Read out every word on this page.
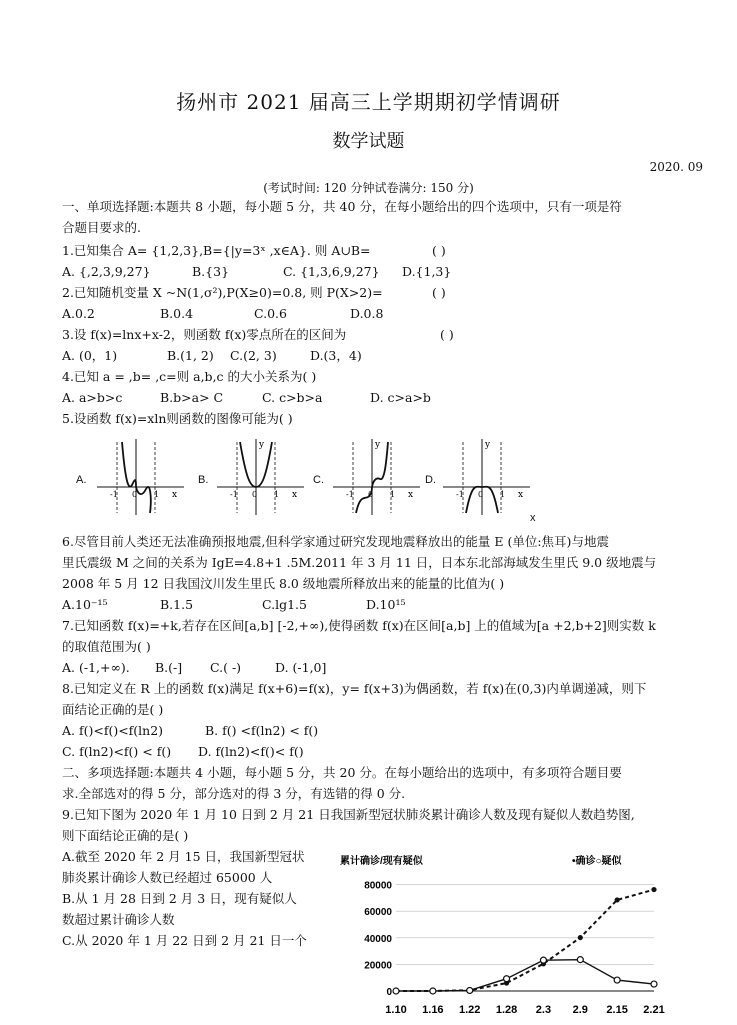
扬州市 2021 届高三上学期期初学情调研
数学试题
2020. 09
(考试时间: 120 分钟试卷满分: 150 分)
一、单项选择题:本题共 8 小题，每小题 5 分，共 40 分，在每小题给出的四个选项中，只有一项是符
合题目要求的.
1.已知集合 A= {1,2,3},B={|y=3ˣ ,x∈A}. 则 A∪B=	( )
A. {,2,3,9,27}	B.{3}	C. {1,3,6,9,27} D.{1,3}
2.已知随机变量 X ~N(1,σ²),P(X≥0)=0.8, 则 P(X>2)=	( )
A.0.2	B.0.4	C.0.6	D.0.8
3.设 f(x)=lnx+x-2，则函数 f(x)零点所在的区间为	( )
A. (0，1)	B.(1, 2) C.(2, 3)	D.(3，4)
4.已知 a = ,b= ,c=则 a,b,c 的大小关系为( )
A. a>b>c	B.b>a> C	C. c>b>a	D. c>a>b
5.设函数 f(x)=xln则函数的图像可能为( )
A.
-1 0 1 x
B.
-1 0 1 x
y
C.
-1 0 1 x
y
D.
-1 0 1 x
y
x
6.尽管目前人类还无法准确预报地震,但科学家通过研究发现地震释放出的能量 E (单位:焦耳)与地震
里氏震级 M 之间的关系为 IgE=4.8+1 .5M.2011 年 3 月 11 日，日本东北部海域发生里氏 9.0 级地震与
2008 年 5 月 12 日我国汶川发生里氏 8.0 级地震所释放出来的能量的比值为( )
A.10⁻¹⁵	B.1.5	C.lg1.5	D.10¹⁵
7.已知函数 f(x)=+k,若存在区间[a,b] [-2,+∞),使得函数 f(x)在区间[a,b] 上的值域为[a +2,b+2]则实数 k
的取值范围为( )
A. (-1,+∞). B.(-] C.( -)	D. (-1,0]
8.已知定义在 R 上的函数 f(x)满足 f(x+6)=f(x)，y= f(x+3)为偶函数，若 f(x)在(0,3)内单调递减，则下
面结论正确的是( )
A. f()<f()<f(ln2)	B. f() <f(ln2) < f()
C. f(ln2)<f() < f() D. f(ln2)<f()< f()
二、多项选择题:本题共 4 小题，每小题 5 分，共 20 分。在每小题给出的选项中，有多项符合题目要
求.全部选对的得 5 分，部分选对的得 3 分，有选错的得 0 分.
9.已知下图为 2020 年 1 月 10 日到 2 月 21 日我国新型冠状肺炎累计确诊人数及现有疑似人数趋势图,
则下面结论正确的是( )
A.截至 2020 年 2 月 15 日，我国新型冠状
肺炎累计确诊人数已经超过 65000 人
B.从 1 月 28 日到 2 月 3 日，现有疑似人
数超过累计确诊人数
C.从 2020 年 1 月 22 日到 2 月 21 日一个
累计确诊/现有疑似	•确诊○疑似
80000
60000
40000
20000
0
1.10 1.16 1.22 1.28 2.3 2.9 2.15 2.21
